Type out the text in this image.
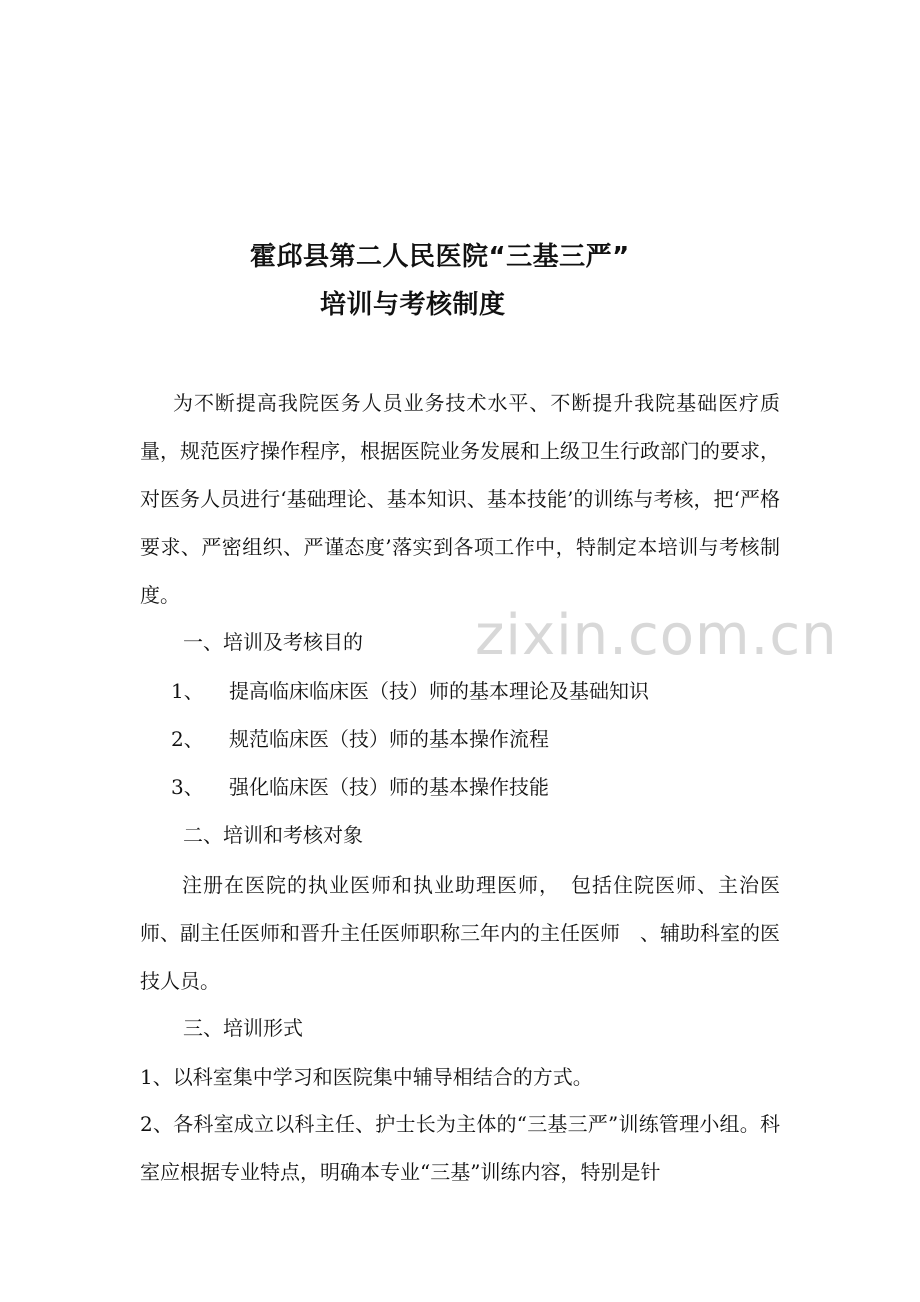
霍邱县第二人民医院“三基三严”
培训与考核制度

为不断提高我院医务人员业务技术水平、不断提升我院基础医疗质量，规范医疗操作程序，根据医院业务发展和上级卫生行政部门的要求，对医务人员进行‘基础理论、基本知识、基本技能’的训练与考核，把‘严格要求、严密组织、严谨态度’落实到各项工作中，特制定本培训与考核制度。

一、培训及考核目的

1、 提高临床临床医（技）师的基本理论及基础知识

2、 规范临床医（技）师的基本操作流程

3、 强化临床医（技）师的基本操作技能

二、培训和考核对象

注册在医院的执业医师和执业助理医师，　包括住院医师、主治医师、副主任医师和晋升主任医师职称三年内的主任医师　、辅助科室的医技人员。

三、培训形式

1、以科室集中学习和医院集中辅导相结合的方式。

2、各科室成立以科主任、护士长为主体的“三基三严”训练管理小组。科室应根据专业特点，明确本专业“三基”训练内容，特别是针

zixin.com.cn
